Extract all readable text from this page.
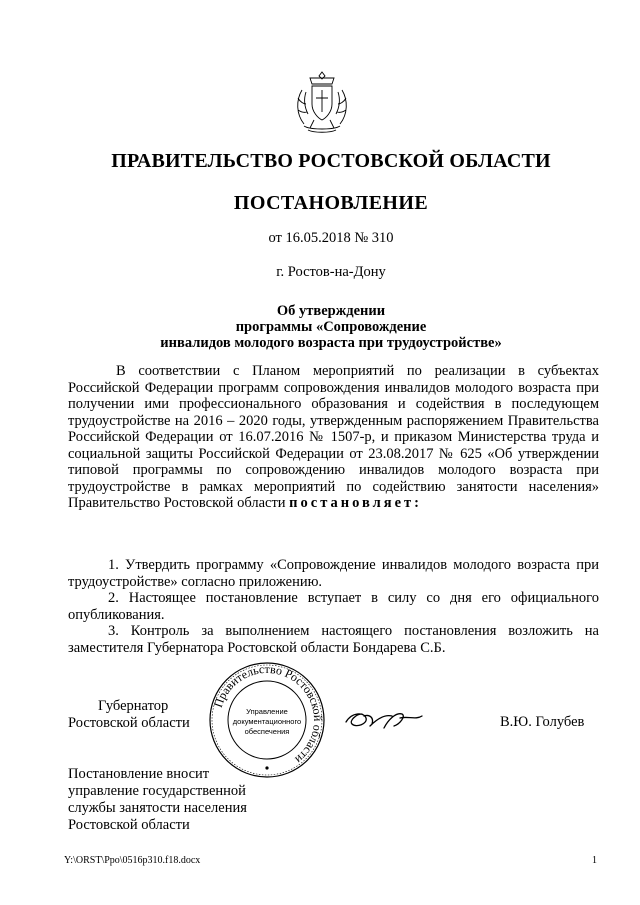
ПРАВИТЕЛЬСТВО РОСТОВСКОЙ ОБЛАСТИ
ПОСТАНОВЛЕНИЕ
от 16.05.2018 № 310
г. Ростов-на-Дону
Об утверждении
программы «Сопровождение
инвалидов молодого возраста при трудоустройстве»
В соответствии с Планом мероприятий по реализации в субъектах Российской Федерации программ сопровождения инвалидов молодого возраста при получении ими профессионального образования и содействия в последующем трудоустройстве на 2016 – 2020 годы, утвержденным распоряжением Правительства Российской Федерации от 16.07.2016 № 1507-р, и приказом Министерства труда и социальной защиты Российской Федерации от 23.08.2017 № 625 «Об утверждении типовой программы по сопровождению инвалидов молодого возраста при трудоустройстве в рамках мероприятий по содействию занятости населения» Правительство Ростовской области постановляет:

1. Утвердить программу «Сопровождение инвалидов молодого возраста при трудоустройстве» согласно приложению.

2. Настоящее постановление вступает в силу со дня его официального опубликования.

3. Контроль за выполнением настоящего постановления возложить на заместителя Губернатора Ростовской области Бондарева С.Б.

Губернатор
Ростовской области
Правительство Ростовской области
Управление
документационного
обеспечения
В.Ю. Голубев
Постановление вносит
управление государственной
службы занятости населения
Ростовской области
Y:\ORST\Ppo\0516p310.f18.docx	1
